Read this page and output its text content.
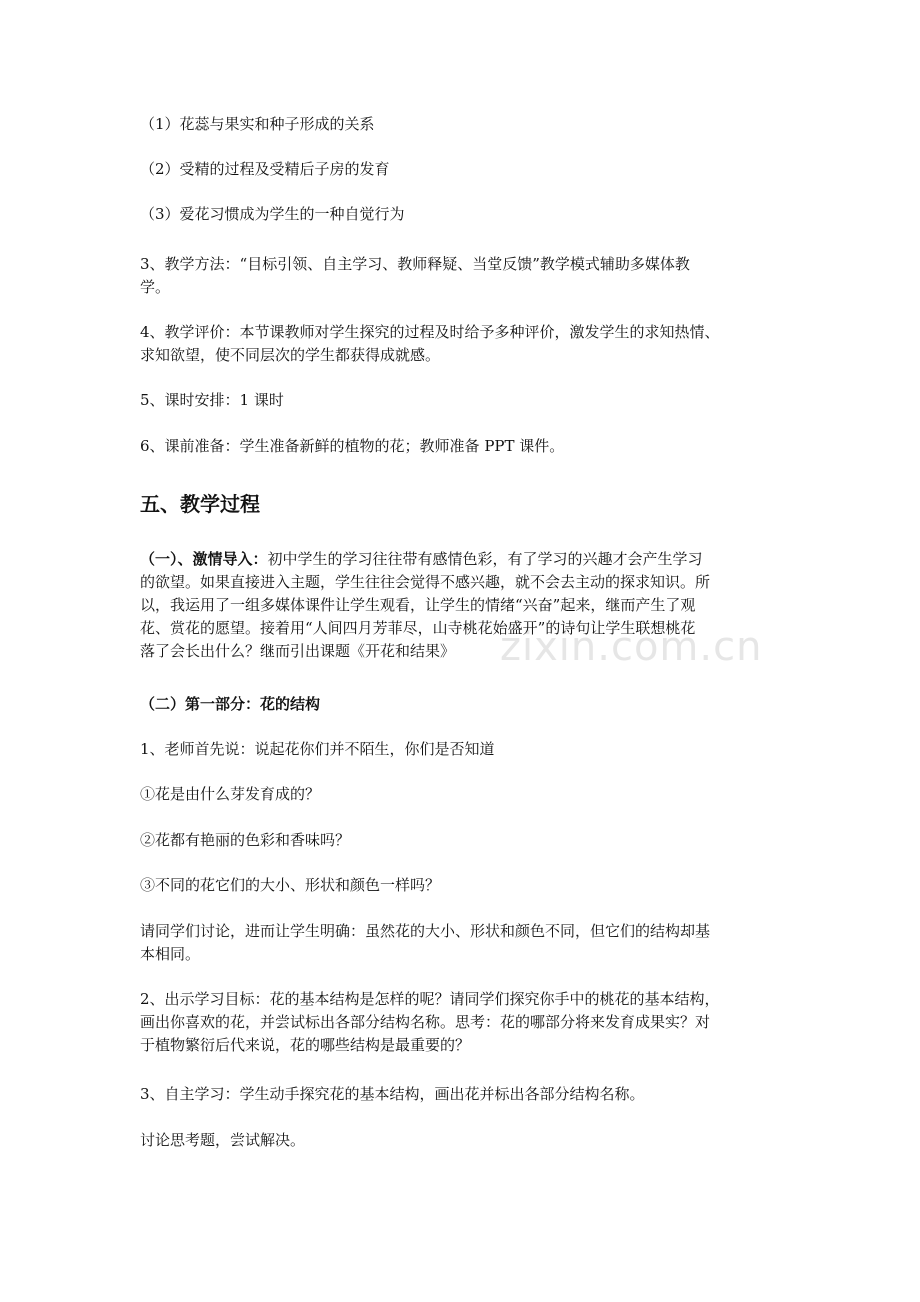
zixin.com.cn
（1）花蕊与果实和种子形成的关系
（2）受精的过程及受精后子房的发育
（3）爱花习惯成为学生的一种自觉行为
3、教学方法：“目标引领、自主学习、教师释疑、当堂反馈”教学模式辅助多媒体教
学。
4、教学评价：本节课教师对学生探究的过程及时给予多种评价，激发学生的求知热情、
求知欲望，使不同层次的学生都获得成就感。
5、课时安排：1 课时
6、课前准备：学生准备新鲜的植物的花；教师准备 PPT 课件。
五、教学过程
（一）、激情导入：初中学生的学习往往带有感情色彩，有了学习的兴趣才会产生学习
的欲望。如果直接进入主题，学生往往会觉得不感兴趣，就不会去主动的探求知识。所
以，我运用了一组多媒体课件让学生观看，让学生的情绪“兴奋”起来，继而产生了观
花、赏花的愿望。接着用“人间四月芳菲尽，山寺桃花始盛开”的诗句让学生联想桃花
落了会长出什么？继而引出课题《开花和结果》
（二）第一部分：花的结构
1、老师首先说：说起花你们并不陌生，你们是否知道
①花是由什么芽发育成的？
②花都有艳丽的色彩和香味吗？
③不同的花它们的大小、形状和颜色一样吗？
请同学们讨论，进而让学生明确：虽然花的大小、形状和颜色不同，但它们的结构却基
本相同。
2、出示学习目标：花的基本结构是怎样的呢？请同学们探究你手中的桃花的基本结构，
画出你喜欢的花，并尝试标出各部分结构名称。思考：花的哪部分将来发育成果实？对
于植物繁衍后代来说，花的哪些结构是最重要的？
3、自主学习：学生动手探究花的基本结构，画出花并标出各部分结构名称。
讨论思考题，尝试解决。
